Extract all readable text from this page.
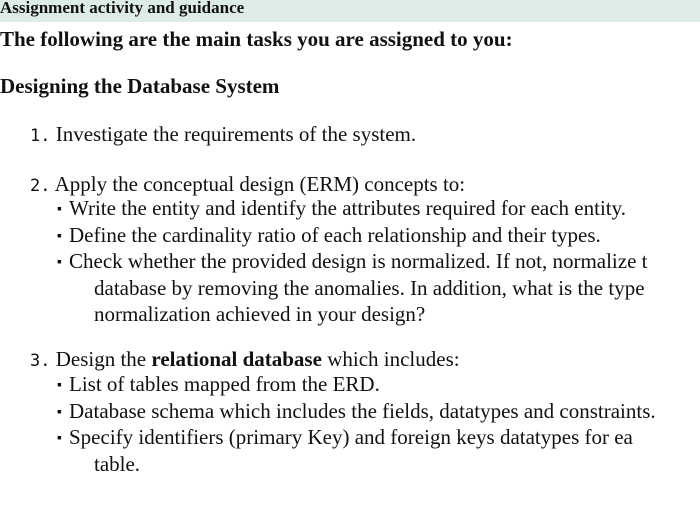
Assignment activity and guidance
The following are the main tasks you are assigned to you:
Designing the Database System
1. Investigate the requirements of the system.
2. Apply the conceptual design (ERM) concepts to:
▪ Write the entity and identify the attributes required for each entity.
▪ Define the cardinality ratio of each relationship and their types.
▪ Check whether the provided design is normalized. If not, normalize t
database by removing the anomalies. In addition, what is the type
normalization achieved in your design?
3. Design the relational database which includes:
▪ List of tables mapped from the ERD.
▪ Database schema which includes the fields, datatypes and constraints.
▪ Specify identifiers (primary Key) and foreign keys datatypes for ea
table.
